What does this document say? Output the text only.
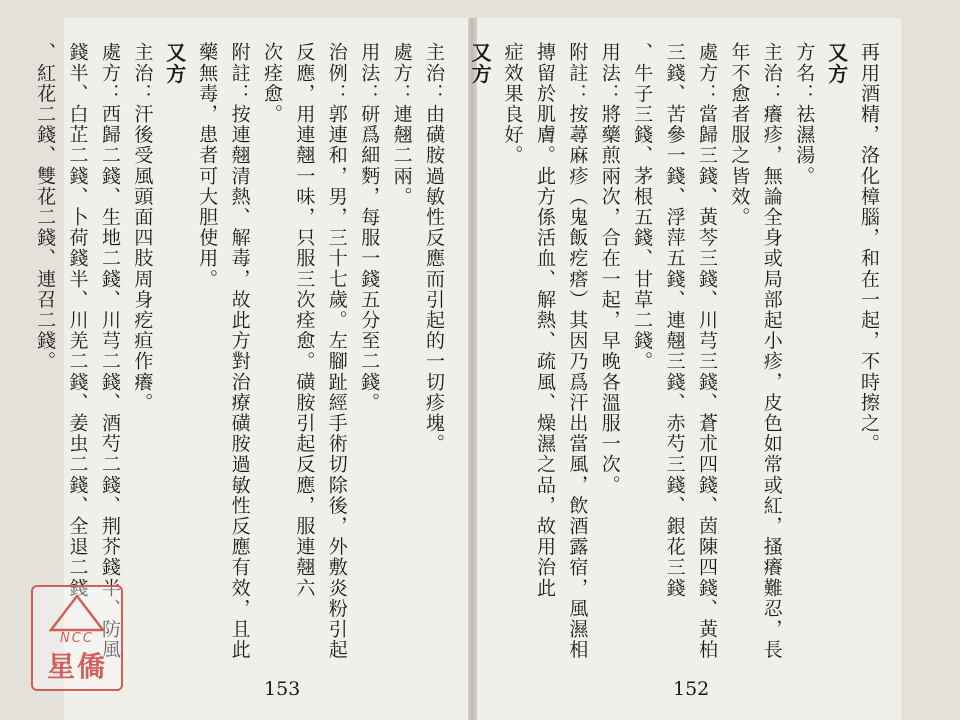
主治：由磺胺過敏性反應而引起的一切疹塊。
處方：連翹二兩。
用法：研爲細麪，每服一錢五分至二錢。
治例：郭連和，男，三十七歲。左腳趾經手術切除後，外敷炎粉引起
反應，用連翹一味，只服三次痊愈。磺胺引起反應，服連翹六
次痊愈。
附註：按連翹清熱、解毒，故此方對治療磺胺過敏性反應有效，且此
藥無毒，患者可大胆使用。
又方
主治：汗後受風頭面四肢周身疙疸作癢。
處方：西歸二錢、生地二錢、川芎二錢、酒芍二錢、荆芥錢半、防風
錢半、白芷二錢、卜荷錢半、川羌二錢、姜虫二錢、全退二錢
、紅花二錢、雙花二錢、連召二錢。
153
再用酒精，洛化樟腦，和在一起，不時擦之。
又方
方名：祛濕湯。
主治：癢疹，無論全身或局部起小疹，皮色如常或紅，搔癢難忍，長
年不愈者服之皆效。
處方：當歸三錢、黃芩三錢、川芎三錢、蒼朮四錢、茵陳四錢、黃柏
三錢、苦參一錢、浮萍五錢、連翹三錢、赤芍三錢、銀花三錢
、牛子三錢、茅根五錢、甘草二錢。
用法：將藥煎兩次，合在一起，早晚各溫服一次。
附註：按蕁麻疹（鬼飯疙瘩）其因乃爲汗出當風，飲酒露宿，風濕相
摶留於肌膚。此方係活血、解熱、疏風、燥濕之品，故用治此
症效果良好。
又方
152
NCC
星僑
